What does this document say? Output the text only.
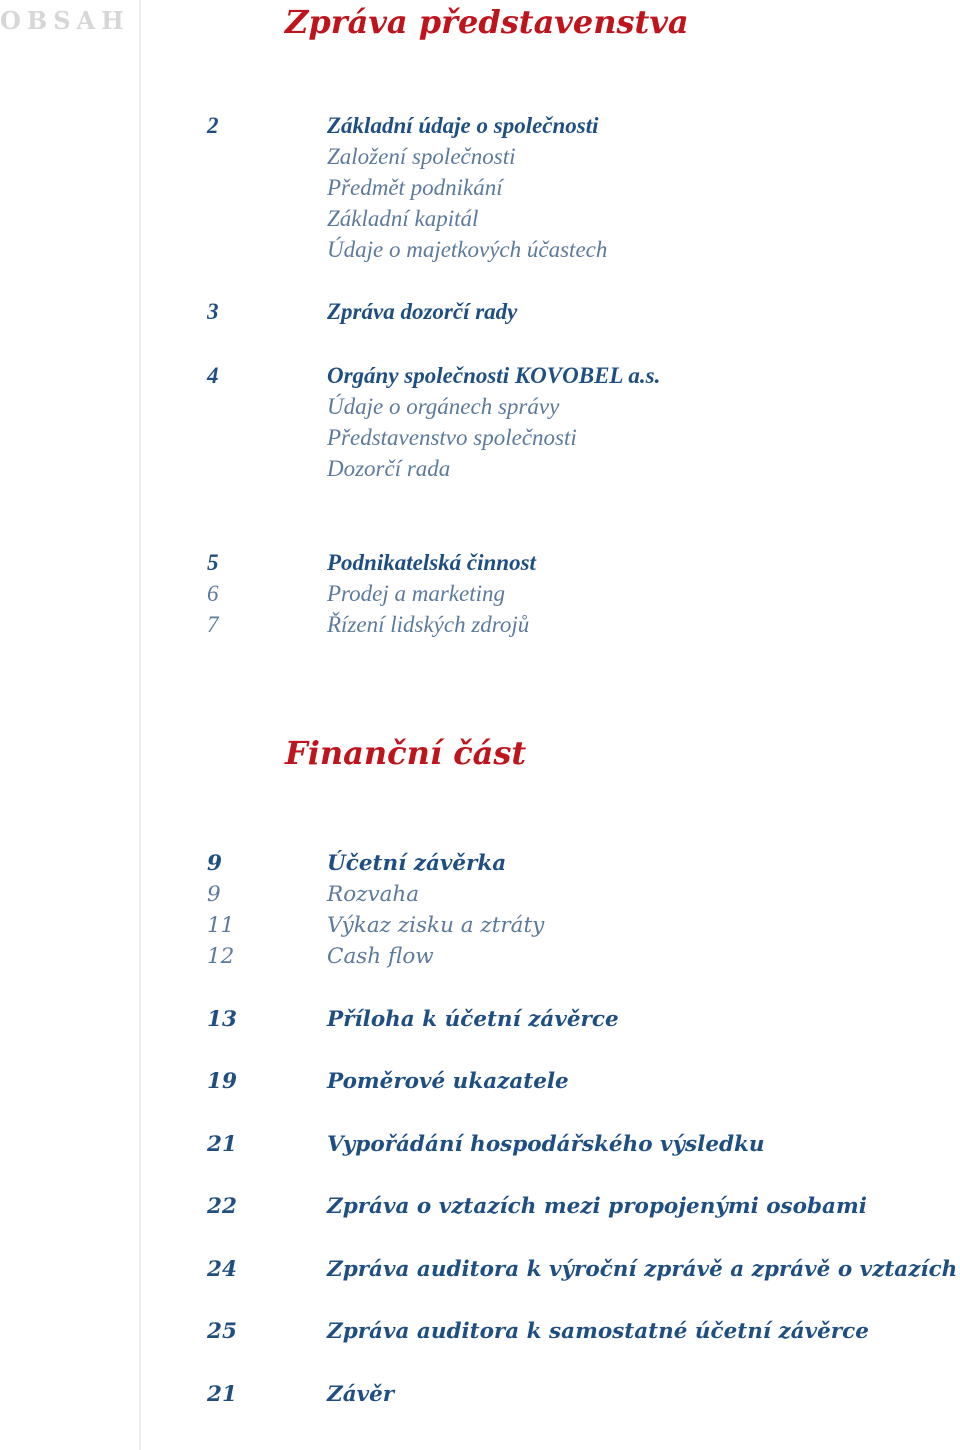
OBSAH	Zpráva představenstva
Finanční část
2	Základní údaje o společnosti
Založení společnosti
Předmět podnikání
Základní kapitál
Údaje o majetkových účastech
3	Zpráva dozorčí rady
4	Orgány společnosti KOVOBEL a.s.
Údaje o orgánech správy
Představenstvo společnosti
Dozorčí rada
5	Podnikatelská činnost
6	Prodej a marketing
7	Řízení lidských zdrojů
9	Účetní závěrka
9	Rozvaha
11	Výkaz zisku a ztráty
12	Cash flow
13	Příloha k účetní závěrce
19	Poměrové ukazatele
21	Vypořádání hospodářského výsledku
22	Zpráva o vztazích mezi propojenými osobami
24	Zpráva auditora k výroční zprávě a zprávě o vztazích
25	Zpráva auditora k samostatné účetní závěrce
21	Závěr
